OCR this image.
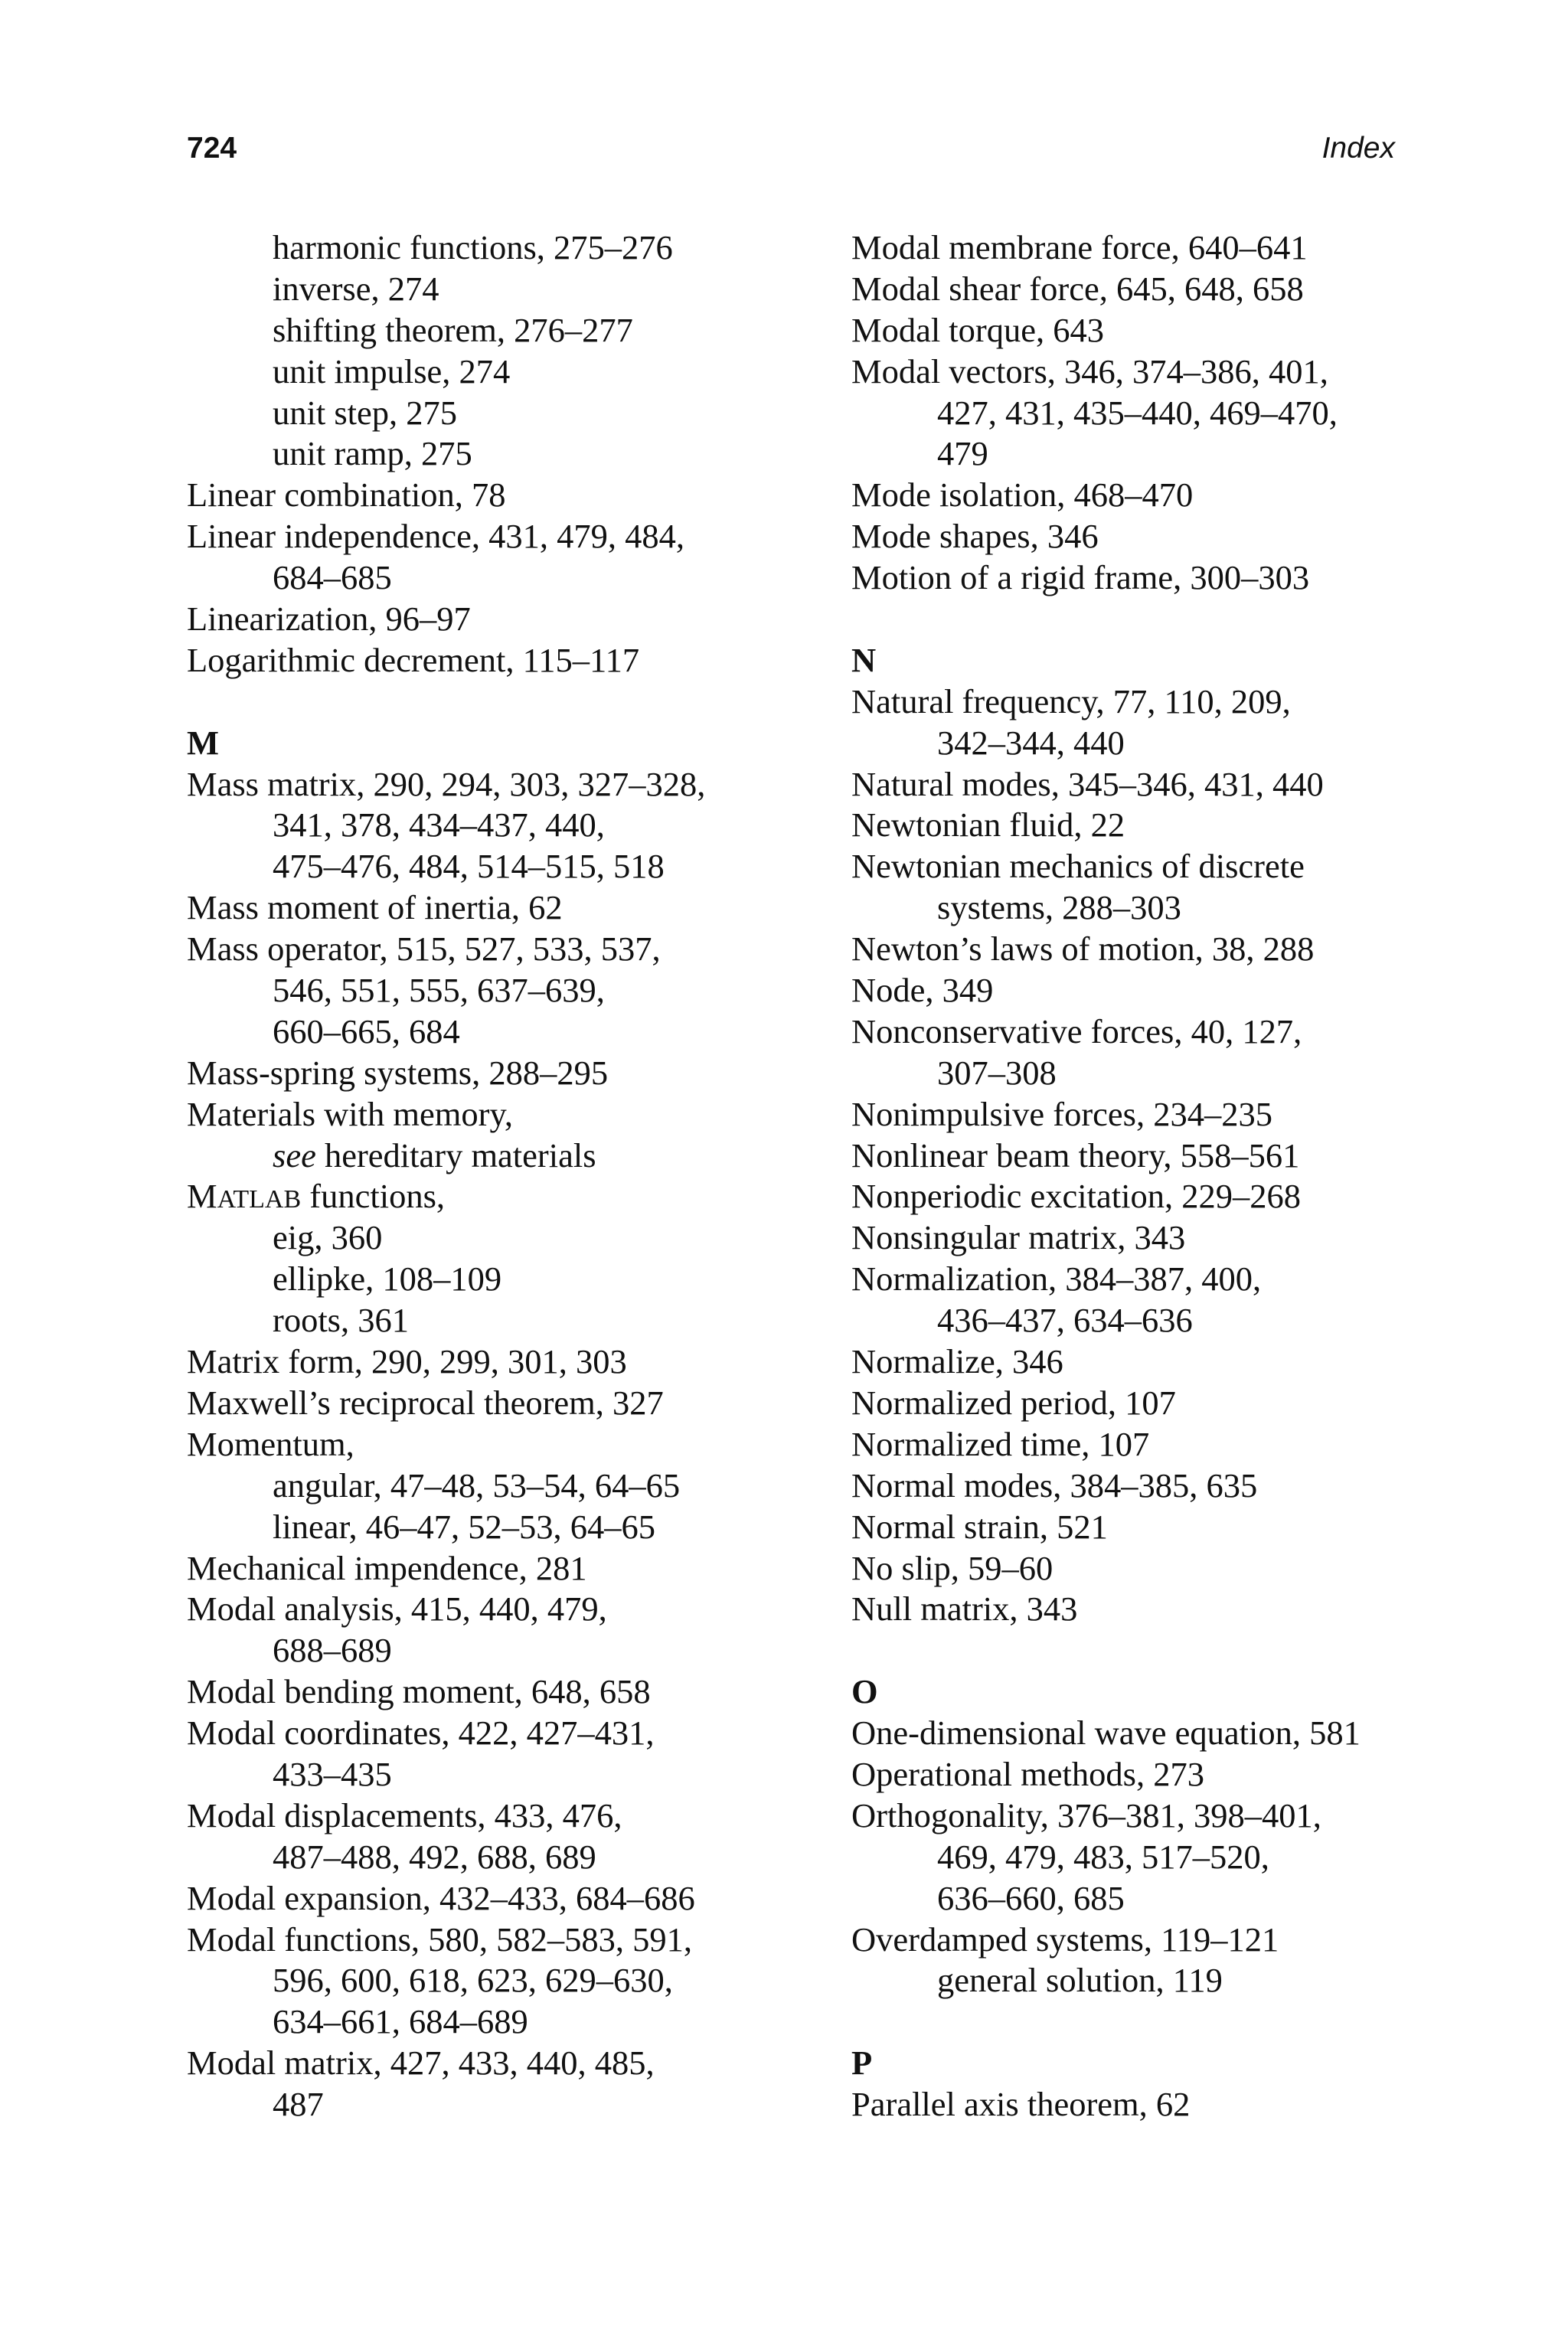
724	Index
harmonic functions, 275–276
inverse, 274
shifting theorem, 276–277
unit impulse, 274
unit step, 275
unit ramp, 275
Linear combination, 78
Linear independence, 431, 479, 484,
684–685
Linearization, 96–97
Logarithmic decrement, 115–117
M
Mass matrix, 290, 294, 303, 327–328,
341, 378, 434–437, 440,
475–476, 484, 514–515, 518
Mass moment of inertia, 62
Mass operator, 515, 527, 533, 537,
546, 551, 555, 637–639,
660–665, 684
Mass-spring systems, 288–295
Materials with memory,
see hereditary materials
MATLAB functions,
eig, 360
ellipke, 108–109
roots, 361
Matrix form, 290, 299, 301, 303
Maxwell’s reciprocal theorem, 327
Momentum,
angular, 47–48, 53–54, 64–65
linear, 46–47, 52–53, 64–65
Mechanical impendence, 281
Modal analysis, 415, 440, 479,
688–689
Modal bending moment, 648, 658
Modal coordinates, 422, 427–431,
433–435
Modal displacements, 433, 476,
487–488, 492, 688, 689
Modal expansion, 432–433, 684–686
Modal functions, 580, 582–583, 591,
596, 600, 618, 623, 629–630,
634–661, 684–689
Modal matrix, 427, 433, 440, 485,
487
Modal membrane force, 640–641
Modal shear force, 645, 648, 658
Modal torque, 643
Modal vectors, 346, 374–386, 401,
427, 431, 435–440, 469–470,
479
Mode isolation, 468–470
Mode shapes, 346
Motion of a rigid frame, 300–303
N
Natural frequency, 77, 110, 209,
342–344, 440
Natural modes, 345–346, 431, 440
Newtonian fluid, 22
Newtonian mechanics of discrete
systems, 288–303
Newton’s laws of motion, 38, 288
Node, 349
Nonconservative forces, 40, 127,
307–308
Nonimpulsive forces, 234–235
Nonlinear beam theory, 558–561
Nonperiodic excitation, 229–268
Nonsingular matrix, 343
Normalization, 384–387, 400,
436–437, 634–636
Normalize, 346
Normalized period, 107
Normalized time, 107
Normal modes, 384–385, 635
Normal strain, 521
No slip, 59–60
Null matrix, 343
O
One-dimensional wave equation, 581
Operational methods, 273
Orthogonality, 376–381, 398–401,
469, 479, 483, 517–520,
636–660, 685
Overdamped systems, 119–121
general solution, 119
P
Parallel axis theorem, 62
